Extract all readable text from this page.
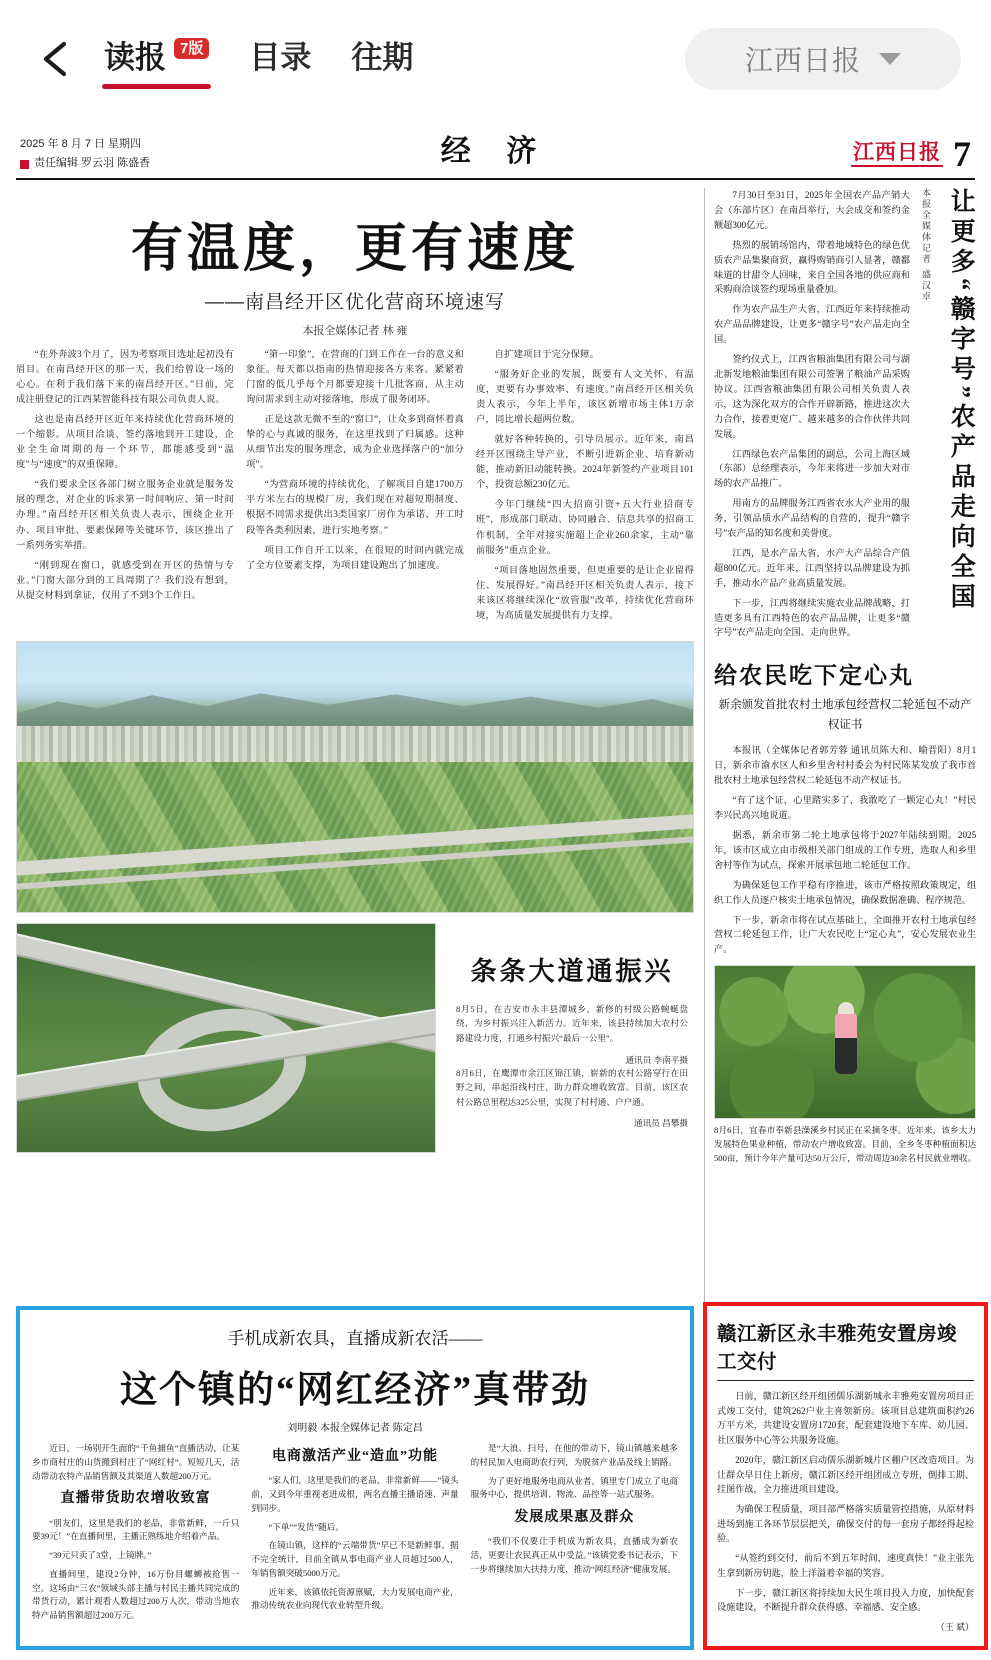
读报 7版 目录 往期	江西日报
2025 年 8 月 7 日 星期四
责任编辑 罗云羽 陈盛香	经 济	江西日报 7
有温度，更有速度
——南昌经开区优化营商环境速写
本报全媒体记者 林 雍

“在外奔波3个月了，因为考察项目选址起初没有眉目。在南昌经开区的那一天，我们给曾设一场的心心。在利于我们落下来的南昌经开区。”日前，完成注册登记的江西某智能科技有限公司负责人说。

这也是南昌经开区近年来持续优化营商环境的一个缩影。从项目洽谈、签约落地到开工建设，企业全生命周期的每一个环节，都能感受到“温度”与“速度”的双重保障。

“我们要求全区各部门树立服务企业就是服务发展的理念，对企业的诉求第一时间响应、第一时间办理。”南昌经开区相关负责人表示，围绕企业开办、项目审批、要素保障等关键环节，该区推出了一系列务实举措。

“刚到现在窗口，就感受到在开区的热情与专业。”门窗大部分到的工具周期了？我们没有想到，从提交材料到拿证，仅用了不到3个工作日。

“第一印象”，在营商的门到工作在一台的意义和象征。每天都以指南的热情迎接各方来客。紧紧着门窗的低几乎每个月都要迎接十几批客商，从主动询问需求到主动对接落地，形成了服务闭环。

正是这款无微不至的“窗口”，让众多到商怀着真挚的心与真诚的服务，在这里找到了归属感。这种从细节出发的服务理念，成为企业选择落户的“加分项”。

“为营商环境的持续优化，了解项目自建1700万平方米左右的规模厂房，我们现在对超短期制度、根据不同需求提供出3类国家厂房作为承诺、开工时段等各类利因素，进行实地考察。”

项目工作自开工以来，在很短的时间内就完成了全方位要素支撑，为项目建设跑出了加速度。

自扩建项目于完分保障。

“服务好企业的发展，既要有人文关怀、有温度，更要有办事效率、有速度。”南昌经开区相关负责人表示，今年上半年，该区新增市场主体1万余户，同比增长超两位数。

就好各种转换的，引导员展示。近年来，南昌经开区围绕主导产业，不断引进新企业、培育新动能，推动新旧动能转换。2024年新签约产业项目101个，投资总额230亿元。

今年门继续“四大招商引资+五大行业招商专班”，形成部门联动、协同融合、信息共享的招商工作机制，全年对接实施超上企业260余家，主动“靠前服务”重点企业。

“项目落地固然重要，但更重要的是让企业留得住、发展得好。”南昌经开区相关负责人表示，接下来该区将继续深化“放管服”改革，持续优化营商环境，为高质量发展提供有力支撑。

条条大道通振兴
8月5日，在吉安市永丰县潭城乡，新修的村级公路蜿蜒盘绕，为乡村振兴注入新活力。近年来，该县持续加大农村公路建设力度，打通乡村振兴“最后一公里”。
通讯员 李南平摄
8月6日，在鹰潭市余江区锦江镇，崭新的农村公路穿行在田野之间，串起沿线村庄，助力群众增收致富。目前，该区农村公路总里程达325公里，实现了村村通、户户通。
通讯员 昌攀摄
手机成新农具，直播成新农活——
这个镇的“网红经济”真带劲
刘明毅 本报全媒体记者 陈定昌

近日，一场别开生面的“千鱼捕鱼”直播活动，让某乡市商村庄的山货搬到村庄了“网红村”。短短几天，活动带动农特产品销售额及其渠道人数超200万元。

直播带货助农增收致富

“朋友们，这里是我们的老品，非常新鲜，一斤只要39元！”在直播间里，主播正熟练地介绍着产品。

“39元只卖了3堂，上镜牌。”

直播间里，建设2分钟，16万份目螺蛳被抢售一空。这场由“三农”领域头部主播与村民主播共同完成的带货行动，累计观看人数超过200万人次，带动当地农特产品销售额超过200万元。

电商激活产业“造血”功能

“家人们，这里是我们的老品，非常新鲜——”镜头前，又到今年重视老进成根，两名直播主播语速、声量到同步。

“下单”“发货”随后。

在镜山镇，这样的“云端带货”早已不是新鲜事。据不完全统计，目前全镇从事电商产业人员超过500人，年销售额突破5000万元。

近年来，该镇依托资源禀赋，大力发展电商产业，推动传统农业向现代农业转型升级。

是“大浪、扫号，在他的带动下，镜山镇越来越多的村民加入电商助农行列，为脱贫产业品及线上销路。

为了更好地服务电商从业者，镇里专门成立了电商服务中心，提供培训、物流、品控等一站式服务。

发展成果惠及群众

“我们不仅要让手机成为新农具，直播成为新农活，更要让农民真正从中受益。”该镇党委书记表示，下一步将继续加大扶持力度，推动“网红经济”健康发展。

7月30日至31日，2025年全国农产品产销大会（东部片区）在南昌举行，大会成交和签约金额超300亿元。

热烈的展销场馆内，带着地域特色的绿色优质农产品集聚商贸，赢得购销商引人显著，赣鄱味道的甘甜令人回味，来自全国各地的供应商和采购商洽谈签约现场重量叠加。

作为农产品生产大省，江西近年来持续推动农产品品牌建设，让更多“赣字号”农产品走向全国。

签约仪式上，江西省粮油集团有限公司与湖北新发地粮油集团有限公司签署了粮油产品采购协议。江西省粮油集团有限公司相关负责人表示，这为深化双方的合作开辟新路，推进这次大力合作，接着更宽广、越来越多的合作伙伴共同发展。

江西绿色农产品集团的副总，公司上海区域（东部）总经理表示，今年来将进一步加大对市场的农产品推广。

用南方的品牌服务江西省农水大产业用的服务，引领品质水产品结构的自营的，提升“赣字号”农产品的知名度和美誉度。

江西，是水产品大省，水产大产品综合产值超800亿元。近年来，江西坚持以品牌建设为抓手，推动水产品产业高质量发展。

下一步，江西将继续实施农业品牌战略，打造更多具有江西特色的农产品品牌，让更多“赣字号”农产品走向全国、走向世界。

本报全媒体记者 盛汉卓 让更多“赣字号”农产品走向全国
给农民吃下定心丸
新余颁发首批农村土地承包经营权二轮延包不动产权证书

本报讯（全媒体记者郭芳蓉 通讯员陈大和、喻晋阳）8月1日，新余市渝水区人和乡里舍村村委会为村民陈某发放了我市首批农村土地承包经营权二轮延包不动产权证书。

“有了这个证，心里踏实多了，我敢吃了一颗定心丸！”村民李兴民高兴地说道。

据悉，新余市第二轮土地承包将于2027年陆续到期。2025年，该市区成立由市级相关部门组成的工作专班，选取人和乡里舍村等作为试点，探索开展承包地二轮延包工作。

为确保延包工作平稳有序推进，该市严格按照政策规定，组织工作人员逐户核实土地承包情况，确保数据准确、程序规范。

下一步，新余市将在试点基础上，全面推开农村土地承包经营权二轮延包工作，让广大农民吃上“定心丸”，安心发展农业生产。

8月6日，宜春市奉新县澡溪乡村民正在采摘冬枣。近年来，该乡大力发展特色果业种植，带动农户增收致富。目前，全乡冬枣种植面积达500亩，预计今年产量可达50万公斤，带动周边30余名村民就业增收。
赣江新区永丰雅苑安置房竣工交付

日前，赣江新区经开组团儒乐湖新城永丰雅苑安置房项目正式竣工交付，建筑262户业主喜领新房。该项目总建筑面积约26万平方米，共建设安置房1720套，配套建设地下车库、幼儿园、社区服务中心等公共服务设施。

2020年，赣江新区启动儒乐湖新城片区棚户区改造项目。为让群众早日住上新房，赣江新区经开组团成立专班，倒排工期、挂图作战，全力推进项目建设。

为确保工程质量，项目部严格落实质量管控措施，从原材料进场到施工各环节层层把关，确保交付的每一套房子都经得起检验。

“从签约到交付，前后不到五年时间，速度真快！”业主张先生拿到新房钥匙，脸上洋溢着幸福的笑容。

下一步，赣江新区将持续加大民生项目投入力度，加快配套设施建设，不断提升群众获得感、幸福感、安全感。

（王 斌）
